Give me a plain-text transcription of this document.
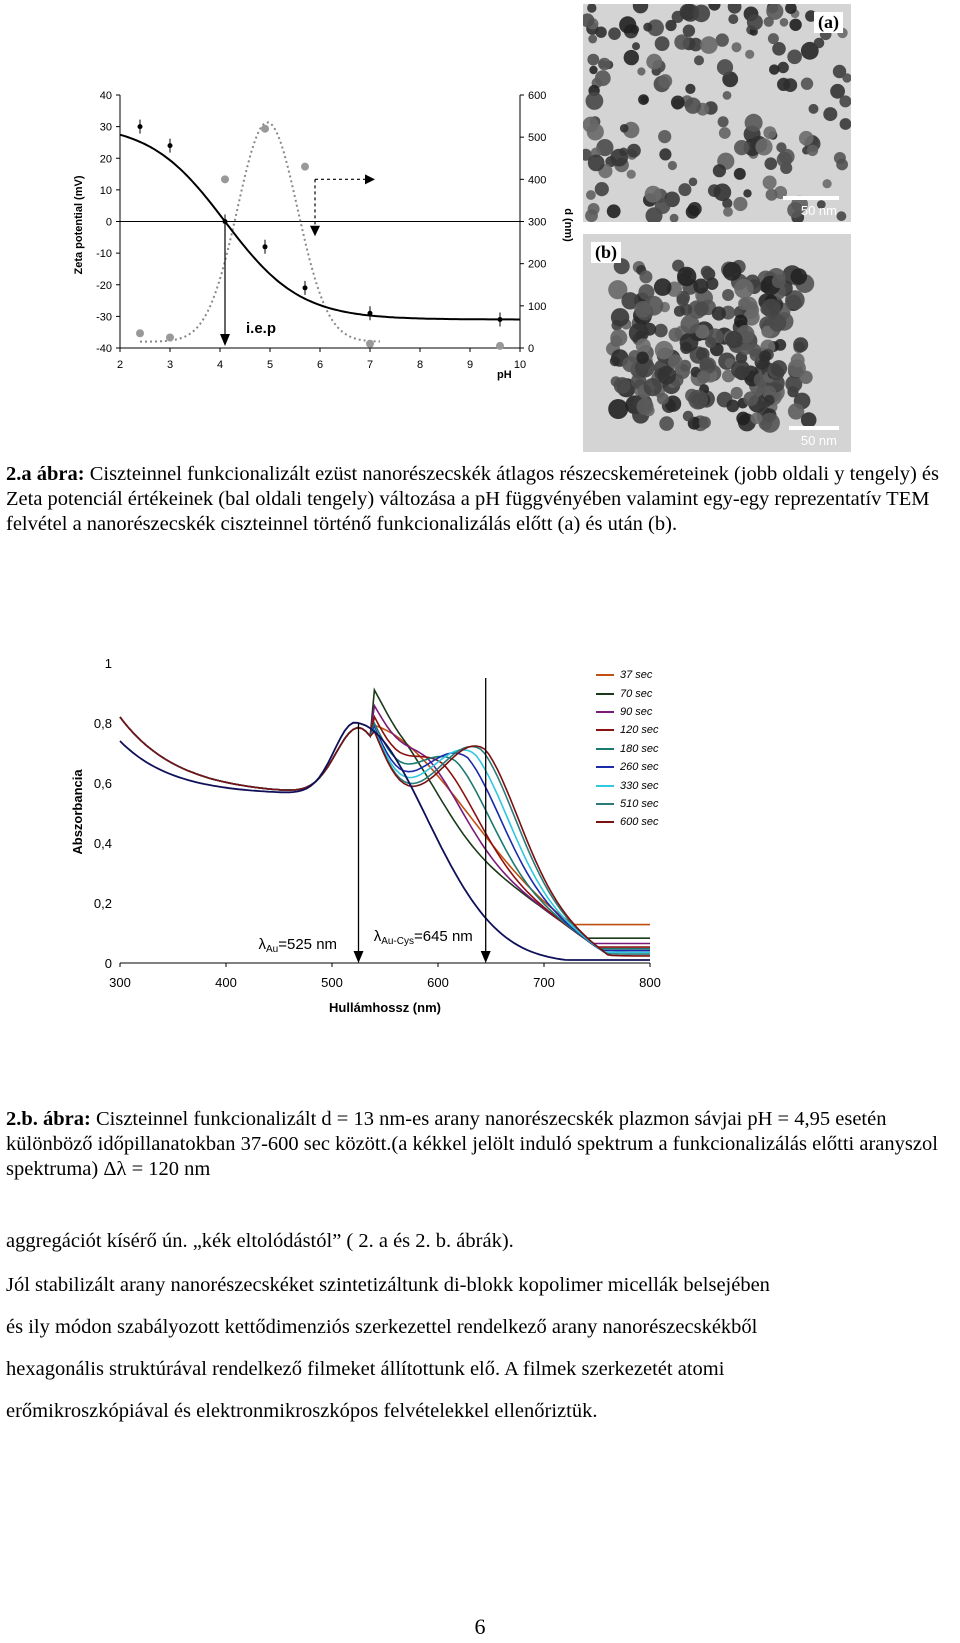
2	3	4	5	6	7	8	9	10
40
30
20
10
0
-10
-20
-30
-40
600
500
400
300
200
100
0
Zeta potential (mV)	d (nm)
pH
i.e.p
(a)
50 nm
(b)
50 nm
2.a ábra: Ciszteinnel funkcionalizált ezüst nanorészecskék átlagos részecskeméreteinek (jobb oldali y tengely) és Zeta potenciál értékeinek (bal oldali tengely) változása a pH függvényében valamint egy-egy reprezentatív TEM felvétel a nanorészecskék ciszteinnel történő funkcionalizálás előtt (a) és után (b).
300	400	500	600	700	800
1
0,8
0,6
0,4
0,2
0
$\lambda_{Au}=525$ nm $\lambda_{Au-Cys}=645$ nm
Abszorbancia
Hullámhossz (nm)
37 sec
70 sec
90 sec
120 sec
180 sec
260 sec
330 sec
510 sec
600 sec
2.b. ábra: Ciszteinnel funkcionalizált d = 13 nm-es arany nanorészecskék plazmon sávjai pH = 4,95 esetén különböző időpillanatokban 37-600 sec között.(a kékkel jelölt induló spektrum a funkcionalizálás előtti aranyszol spektruma) Δλ = 120 nm
aggregációt kísérő ún. „kék eltolódástól” ( 2. a és 2. b. ábrák).
Jól stabilizált arany nanorészecskéket szintetizáltunk di-blokk kopolimer micellák belsejében
és ily módon szabályozott kettődimenziós szerkezettel rendelkező arany nanorészecskékből
hexagonális struktúrával rendelkező filmeket állítottunk elő. A filmek szerkezetét atomi
erőmikroszkópiával és elektronmikroszkópos felvételekkel ellenőriztük.
6
